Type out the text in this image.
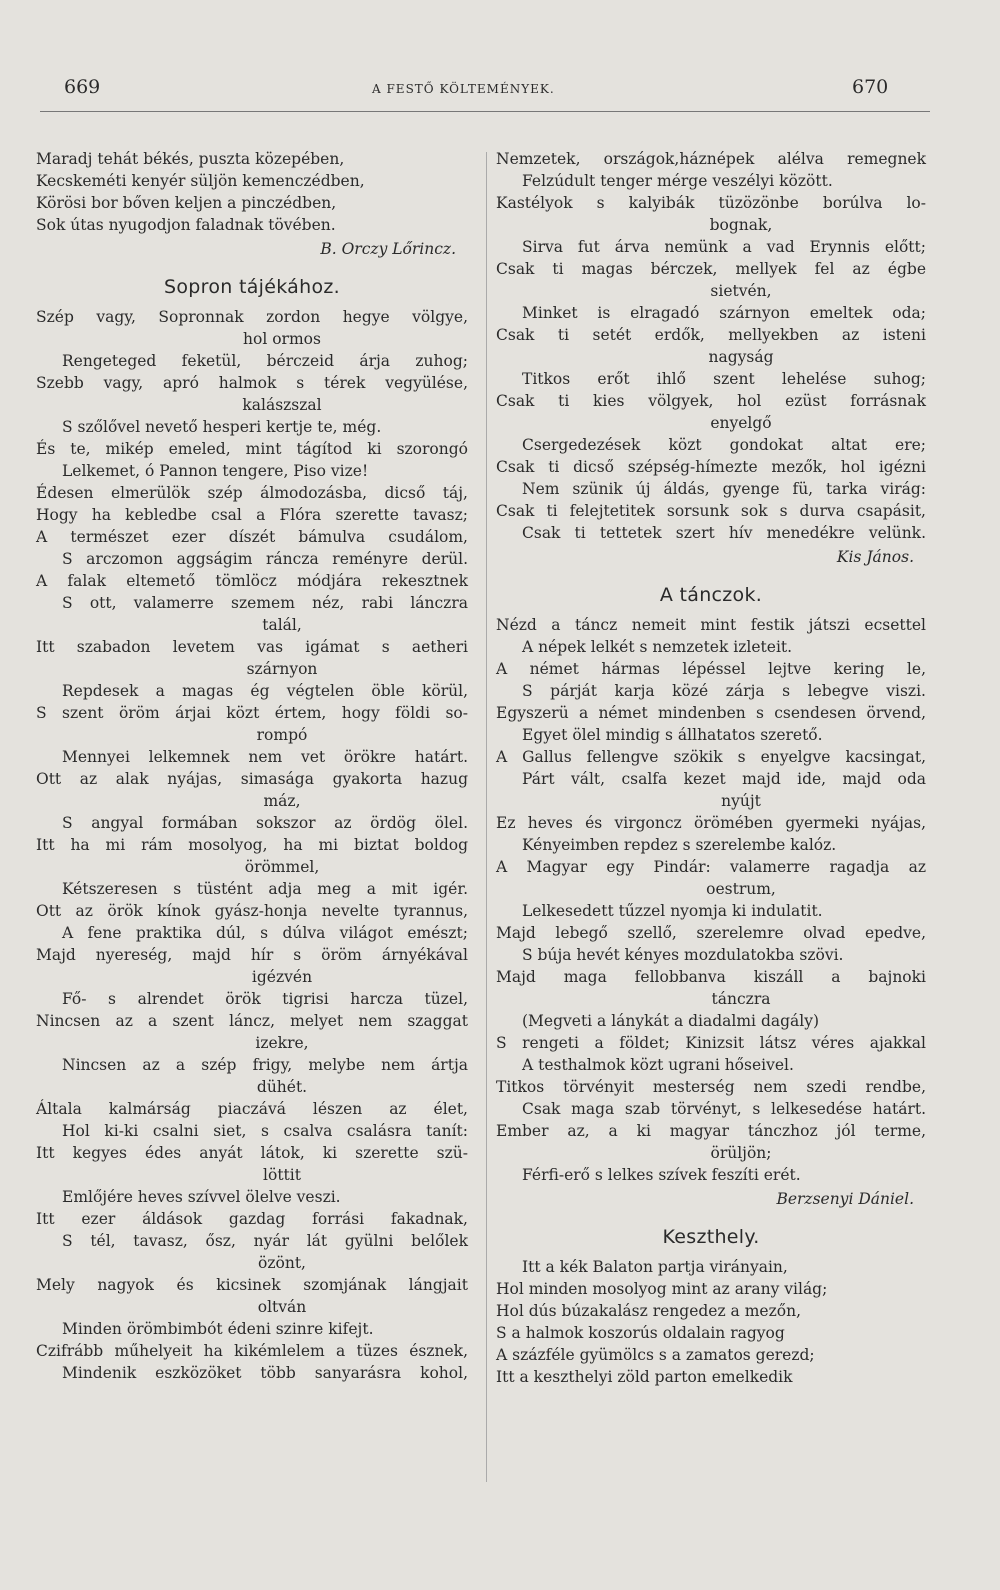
669	A FESTŐ KÖLTEMÉNYEK.	670
Maradj tehát békés, puszta közepében,
Kecskeméti kenyér süljön kemenczédben,
Körösi bor bőven keljen a pinczédben,
Sok útas nyugodjon faladnak tövében.
B. Orczy Lőrincz.
Sopron tájékához.
Szép vagy, Sopronnak zordon hegye völgye,
hol ormos
Rengeteged feketül, bérczeid árja zuhog;
Szebb vagy, apró halmok s térek vegyülése,
kalászszal
S szőlővel nevető hesperi kertje te, még.
És te, mikép emeled, mint tágítod ki szorongó
Lelkemet, ó Pannon tengere, Piso vize!
Édesen elmerülök szép álmodozásba, dicső táj,
Hogy ha kebledbe csal a Flóra szerette tavasz;
A természet ezer díszét bámulva csudálom,
S arczomon aggságim ráncza reményre derül.
A falak eltemető tömlöcz módjára rekesztnek
S ott, valamerre szemem néz, rabi lánczra
talál,
Itt szabadon levetem vas igámat s aetheri
szárnyon
Repdesek a magas ég végtelen öble körül,
S szent öröm árjai közt értem, hogy földi so-
rompó
Mennyei lelkemnek nem vet örökre határt.
Ott az alak nyájas, simasága gyakorta hazug
máz,
S angyal formában sokszor az ördög ölel.
Itt ha mi rám mosolyog, ha mi biztat boldog
örömmel,
Kétszeresen s tüstént adja meg a mit igér.
Ott az örök kínok gyász-honja nevelte tyrannus,
A fene praktika dúl, s dúlva világot emészt;
Majd nyereség, majd hír s öröm árnyékával
igézvén
Fő- s alrendet örök tigrisi harcza tüzel,
Nincsen az a szent láncz, melyet nem szaggat
izekre,
Nincsen az a szép frigy, melybe nem ártja
dühét.
Általa kalmárság piaczává lészen az élet,
Hol ki-ki csalni siet, s csalva csalásra tanít:
Itt kegyes édes anyát látok, ki szerette szü-
löttit
Emlőjére heves szívvel ölelve veszi.
Itt ezer áldások gazdag forrási fakadnak,
S tél, tavasz, ősz, nyár lát gyülni belőlek
özönt,
Mely nagyok és kicsinek szomjának lángjait
oltván
Minden örömbimbót édeni szinre kifejt.
Czifrább műhelyeit ha kikémlelem a tüzes észnek,
Mindenik eszközöket több sanyarásra kohol,
Nemzetek, országok,háznépek alélva remegnek
Felzúdult tenger mérge veszélyi között.
Kastélyok s kalyibák tüzözönbe borúlva lo-
bognak,
Sirva fut árva nemünk a vad Erynnis előtt;
Csak ti magas bérczek, mellyek fel az égbe
sietvén,
Minket is elragadó szárnyon emeltek oda;
Csak ti setét erdők, mellyekben az isteni
nagyság
Titkos erőt ihlő szent lehelése suhog;
Csak ti kies völgyek, hol ezüst forrásnak
enyelgő
Csergedezések közt gondokat altat ere;
Csak ti dicső szépség-hímezte mezők, hol igézni
Nem szünik új áldás, gyenge fü, tarka virág:
Csak ti felejtetitek sorsunk sok s durva csapásit,
Csak ti tettetek szert hív menedékre velünk.
Kis János.
A tánczok.
Nézd a táncz nemeit mint festik játszi ecsettel
A népek lelkét s nemzetek izleteit.
A német hármas lépéssel lejtve kering le,
S párját karja közé zárja s lebegve viszi.
Egyszerü a német mindenben s csendesen örvend,
Egyet ölel mindig s állhatatos szerető.
A Gallus fellengve szökik s enyelgve kacsingat,
Párt vált, csalfa kezet majd ide, majd oda
nyújt
Ez heves és virgoncz örömében gyermeki nyájas,
Kényeimben repdez s szerelembe kalóz.
A Magyar egy Pindár: valamerre ragadja az
oestrum,
Lelkesedett tűzzel nyomja ki indulatit.
Majd lebegő szellő, szerelemre olvad epedve,
S búja hevét kényes mozdulatokba szövi.
Majd maga fellobbanva kiszáll a bajnoki
tánczra
(Megveti a lánykát a diadalmi dagály)
S rengeti a földet; Kinizsit látsz véres ajakkal
A testhalmok közt ugrani hőseivel.
Titkos törvényit mesterség nem szedi rendbe,
Csak maga szab törvényt, s lelkesedése határt.
Ember az, a ki magyar tánczhoz jól terme,
örüljön;
Férfi-erő s lelkes szívek feszíti erét.
Berzsenyi Dániel.
Keszthely.
Itt a kék Balaton partja virányain,
Hol minden mosolyog mint az arany világ;
Hol dús búzakalász rengedez a mezőn,
S a halmok koszorús oldalain ragyog
A százféle gyümölcs s a zamatos gerezd;
Itt a keszthelyi zöld parton emelkedik
